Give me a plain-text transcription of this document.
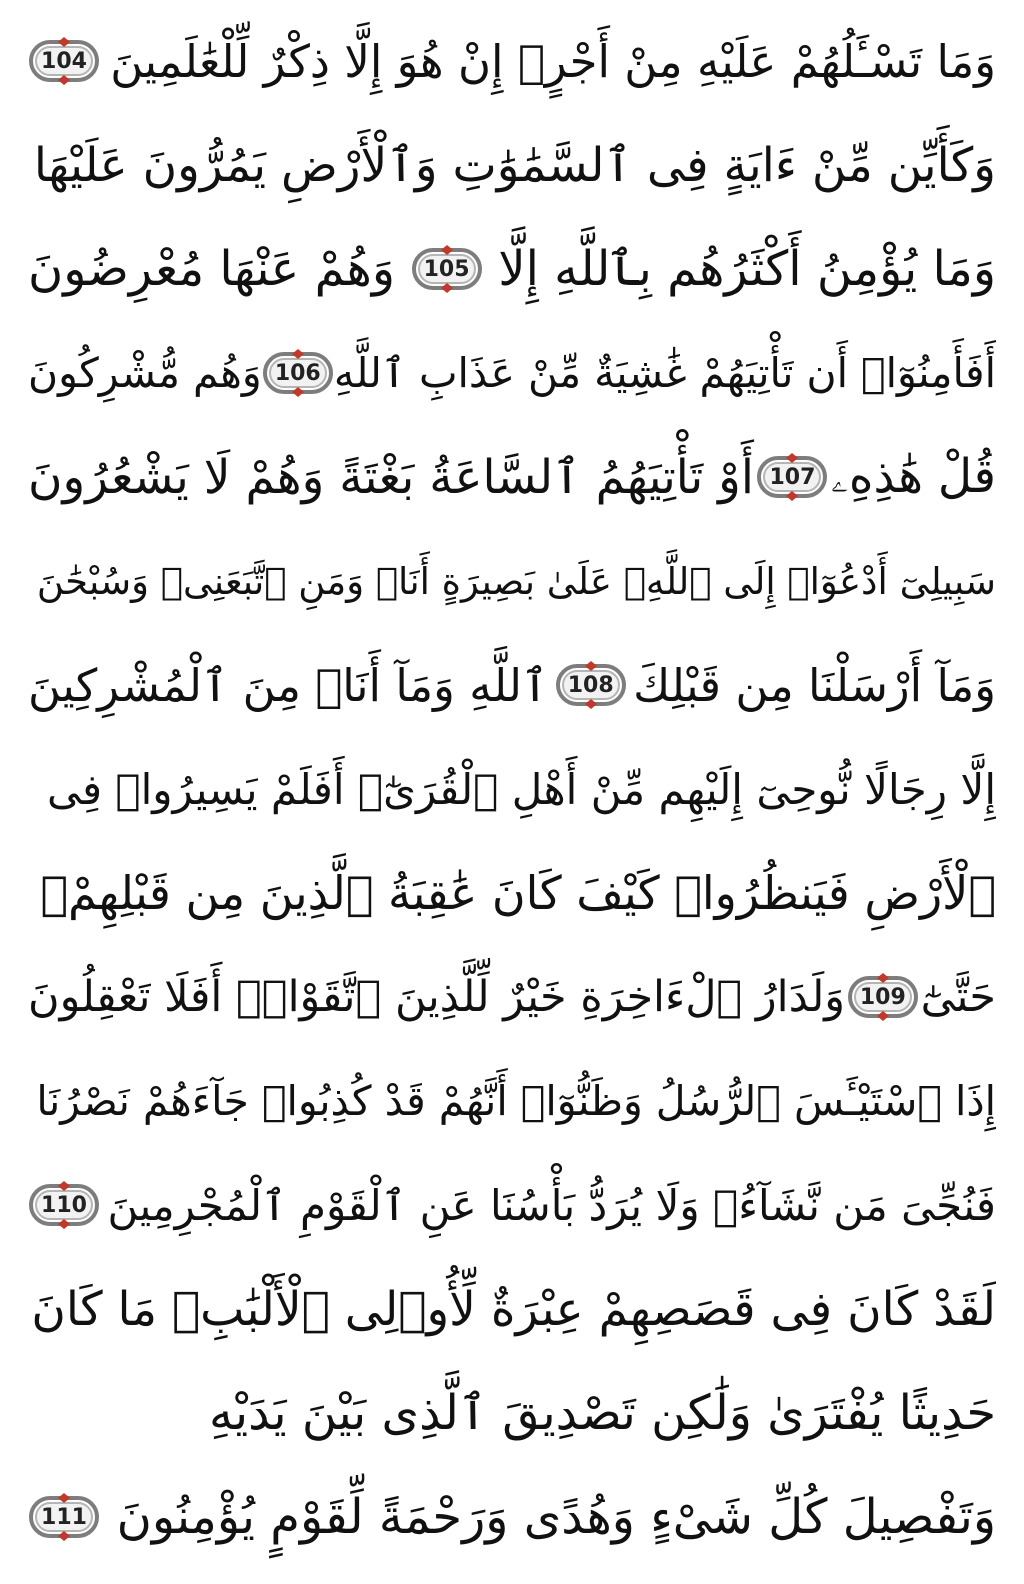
وَمَا تَسْـَٔلُهُمْ عَلَيْهِ مِنْ أَجْرٍۚ إِنْ هُوَ إِلَّا ذِكْرٌ لِّلْعَٰلَمِينَ
104
وَكَأَيِّن مِّنْ ءَايَةٍ فِى ٱلسَّمَٰوَٰتِ وَٱلْأَرْضِ يَمُرُّونَ عَلَيْهَا
وَمَا يُؤْمِنُ أَكْثَرُهُم بِٱللَّهِ إِلَّا
105
وَهُمْ عَنْهَا مُعْرِضُونَ
أَفَأَمِنُوٓا۟ أَن تَأْتِيَهُمْ غَٰشِيَةٌ مِّنْ عَذَابِ ٱللَّهِ
106
وَهُم مُّشْرِكُونَ
قُلْ هَٰذِهِۦ
107
أَوْ تَأْتِيَهُمُ ٱلسَّاعَةُ بَغْتَةً وَهُمْ لَا يَشْعُرُونَ
سَبِيلِىٓ أَدْعُوٓا۟ إِلَى ٱللَّهِۚ عَلَىٰ بَصِيرَةٍ أَنَا۠ وَمَنِ ٱتَّبَعَنِىۖ وَسُبْحَٰنَ
وَمَآ أَرْسَلْنَا مِن قَبْلِكَ
108
ٱللَّهِ وَمَآ أَنَا۠ مِنَ ٱلْمُشْرِكِينَ
إِلَّا رِجَالًا نُّوحِىٓ إِلَيْهِم مِّنْ أَهْلِ ٱلْقُرَىٰٓۗ أَفَلَمْ يَسِيرُوا۟ فِى
ٱلْأَرْضِ فَيَنظُرُوا۟ كَيْفَ كَانَ عَٰقِبَةُ ٱلَّذِينَ مِن قَبْلِهِمْۗ
حَتَّىٰٓ
109
وَلَدَارُ ٱلْءَاخِرَةِ خَيْرٌ لِّلَّذِينَ ٱتَّقَوْا۟ۗ أَفَلَا تَعْقِلُونَ
إِذَا ٱسْتَيْـَٔسَ ٱلرُّسُلُ وَظَنُّوٓا۟ أَنَّهُمْ قَدْ كُذِبُوا۟ جَآءَهُمْ نَصْرُنَا
فَنُجِّىَ مَن نَّشَآءُۖ وَلَا يُرَدُّ بَأْسُنَا عَنِ ٱلْقَوْمِ ٱلْمُجْرِمِينَ
110
لَقَدْ كَانَ فِى قَصَصِهِمْ عِبْرَةٌ لِّأُو۟لِى ٱلْأَلْبَٰبِۗ مَا كَانَ
حَدِيثًا يُفْتَرَىٰ وَلَٰكِن تَصْدِيقَ ٱلَّذِى بَيْنَ يَدَيْهِ
وَتَفْصِيلَ كُلِّ شَىْءٍ وَهُدًى وَرَحْمَةً لِّقَوْمٍ يُؤْمِنُونَ
111
